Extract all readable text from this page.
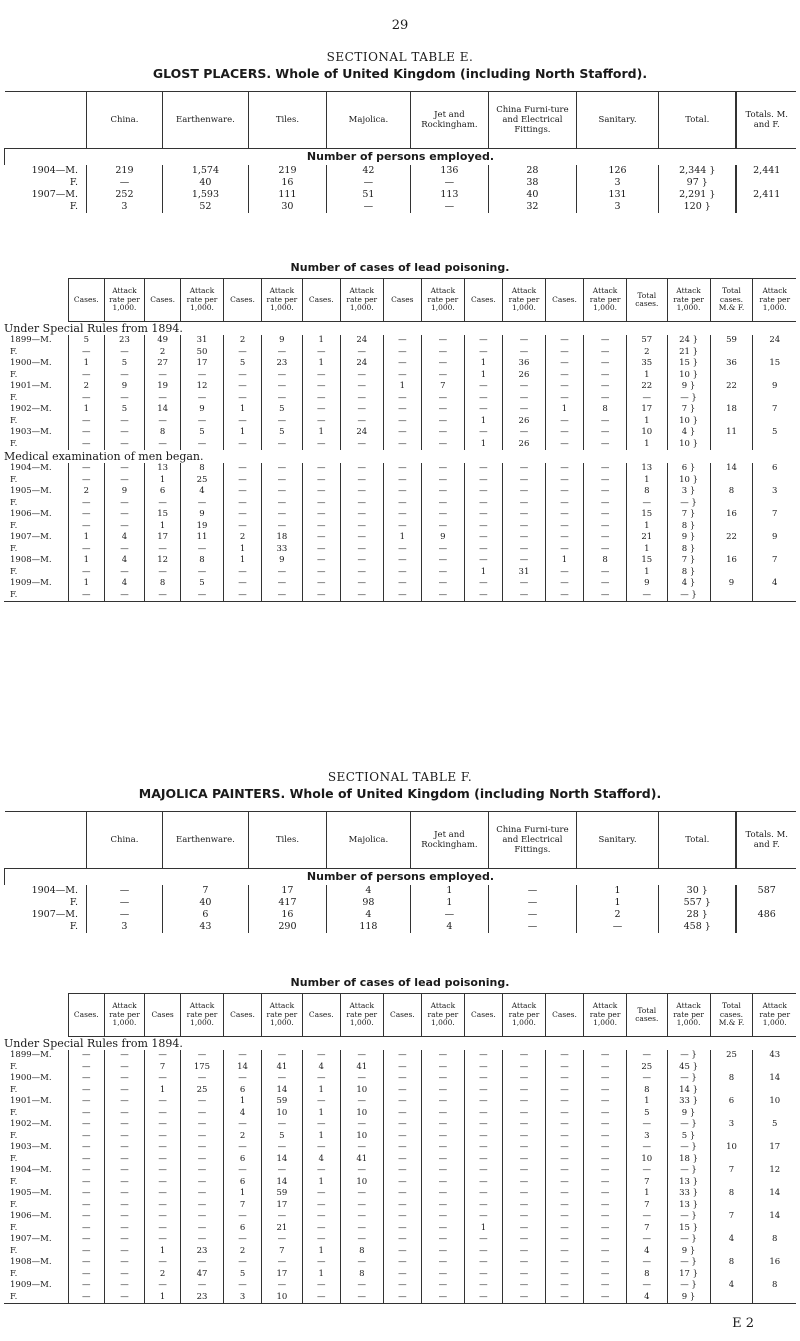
29
SECTIONAL TABLE E.
GLOST PLACERS. Whole of United Kingdom (including North Stafford).
	China.	Earthenware.	Tiles.	Majolica.	Jet and Rockingham.	China Furni-ture and Electrical Fittings.	Sanitary.	Total.	Totals. M. and F.
Number of persons employed.									
1904—M.	219	1,574	219	42	136	28	126	2,344 }	2,441
F.	—	40	16	—	—	38	3	97 }	
1907—M.	252	1,593	111	51	113	40	131	2,291 }	2,411
F.	3	52	30	—	—	32	3	120 }	
Number of cases of lead poisoning.																		
	Cases.	Attack rate per 1,000.	Cases.	Attack rate per 1,000.	Cases.	Attack rate per 1,000.	Cases.	Attack rate per 1,000.	Cases	Attack rate per 1,000.	Cases.	Attack rate per 1,000.	Cases.	Attack rate per 1,000.	Total cases.	Attack rate per 1,000.	Total cases. M.& F.	Attack rate per 1,000.
Under Special Rules from 1894.																		
1899—M.	5	23	49	31	2	9	1	24	—	—	—	—	—	—	57	24 }	59	24
F.	—	—	2	50	—	—	—	—	—	—	—	—	—	—	2	21 }		
1900—M.	1	5	27	17	5	23	1	24	—	—	1	36	—	—	35	15 }	36	15
F.	—	—	—	—	—	—	—	—	—	—	1	26	—	—	1	10 }		
1901—M.	2	9	19	12	—	—	—	—	1	7	—	—	—	—	22	9 }	22	9
F.	—	—	—	—	—	—	—	—	—	—	—	—	—	—	—	— }		
1902—M.	1	5	14	9	1	5	—	—	—	—	—	—	1	8	17	7 }	18	7
F.	—	—	—	—	—	—	—	—	—	—	1	26	—	—	1	10 }		
1903—M.	—	—	8	5	1	5	1	24	—	—	—	—	—	—	10	4 }	11	5
F.	—	—	—	—	—	—	—	—	—	—	1	26	—	—	1	10 }		
Medical examination of men began.																		
1904—M.	—	—	13	8	—	—	—	—	—	—	—	—	—	—	13	6 }	14	6
F.	—	—	1	25	—	—	—	—	—	—	—	—	—	—	1	10 }		
1905—M.	2	9	6	4	—	—	—	—	—	—	—	—	—	—	8	3 }	8	3
F.	—	—	—	—	—	—	—	—	—	—	—	—	—	—	—	— }		
1906—M.	—	—	15	9	—	—	—	—	—	—	—	—	—	—	15	7 }	16	7
F.	—	—	1	19	—	—	—	—	—	—	—	—	—	—	1	8 }		
1907—M.	1	4	17	11	2	18	—	—	1	9	—	—	—	—	21	9 }	22	9
F.	—	—	—	—	1	33	—	—	—	—	—	—	—	—	1	8 }		
1908—M.	1	4	12	8	1	9	—	—	—	—	—	—	1	8	15	7 }	16	7
F.	—	—	—	—	—	—	—	—	—	—	1	31	—	—	1	8 }		
1909—M.	1	4	8	5	—	—	—	—	—	—	—	—	—	—	9	4 }	9	4
F.	—	—	—	—	—	—	—	—	—	—	—	—	—	—	—	— }		
SECTIONAL TABLE F.
MAJOLICA PAINTERS. Whole of United Kingdom (including North Stafford).
	China.	Earthenware.	Tiles.	Majolica.	Jet and Rockingham.	China Furni-ture and Electrical Fittings.	Sanitary.	Total.	Totals. M. and F.
Number of persons employed.									
1904—M.	—	7	17	4	1	—	1	30 }	587
F.	—	40	417	98	1	—	1	557 }	
1907—M.	—	6	16	4	—	—	2	28 }	486
F.	3	43	290	118	4	—	—	458 }	
Number of cases of lead poisoning.																		
	Cases.	Attack rate per 1,000.	Cases	Attack rate per 1,000.	Cases.	Attack rate per 1,000.	Cases.	Attack rate per 1,000.	Cases.	Attack rate per 1,000.	Cases.	Attack rate per 1,000.	Cases.	Attack rate per 1,000.	Total cases.	Attack rate per 1,000.	Total cases. M.& F.	Attack rate per 1,000.
Under Special Rules from 1894.																		
1899—M.	—	—	—	—	—	—	—	—	—	—	—	—	—	—	—	— }	25	43
F.	—	—	7	175	14	41	4	41	—	—	—	—	—	—	25	45 }		
1900—M.	—	—	—	—	—	—	—	—	—	—	—	—	—	—	—	— }	8	14
F.	—	—	1	25	6	14	1	10	—	—	—	—	—	—	8	14 }		
1901—M.	—	—	—	—	1	59	—	—	—	—	—	—	—	—	1	33 }	6	10
F.	—	—	—	—	4	10	1	10	—	—	—	—	—	—	5	9 }		
1902—M.	—	—	—	—	—	—	—	—	—	—	—	—	—	—	—	— }	3	5
F.	—	—	—	—	2	5	1	10	—	—	—	—	—	—	3	5 }		
1903—M.	—	—	—	—	—	—	—	—	—	—	—	—	—	—	—	— }	10	17
F.	—	—	—	—	6	14	4	41	—	—	—	—	—	—	10	18 }		
1904—M.	—	—	—	—	—	—	—	—	—	—	—	—	—	—	—	— }	7	12
F.	—	—	—	—	6	14	1	10	—	—	—	—	—	—	7	13 }		
1905—M.	—	—	—	—	1	59	—	—	—	—	—	—	—	—	1	33 }	8	14
F.	—	—	—	—	7	17	—	—	—	—	—	—	—	—	7	13 }		
1906—M.	—	—	—	—	—	—	—	—	—	—	—	—	—	—	—	— }	7	14
F.	—	—	—	—	6	21	—	—	—	—	1	—	—	—	7	15 }		
1907—M.	—	—	—	—	—	—	—	—	—	—	—	—	—	—	—	— }	4	8
F.	—	—	1	23	2	7	1	8	—	—	—	—	—	—	4	9 }		
1908—M.	—	—	—	—	—	—	—	—	—	—	—	—	—	—	—	— }	8	16
F.	—	—	2	47	5	17	1	8	—	—	—	—	—	—	8	17 }		
1909—M.	—	—	—	—	—	—	—	—	—	—	—	—	—	—	—	— }	4	8
F.	—	—	1	23	3	10	—	—	—	—	—	—	—	—	4	9 }		
E 2
